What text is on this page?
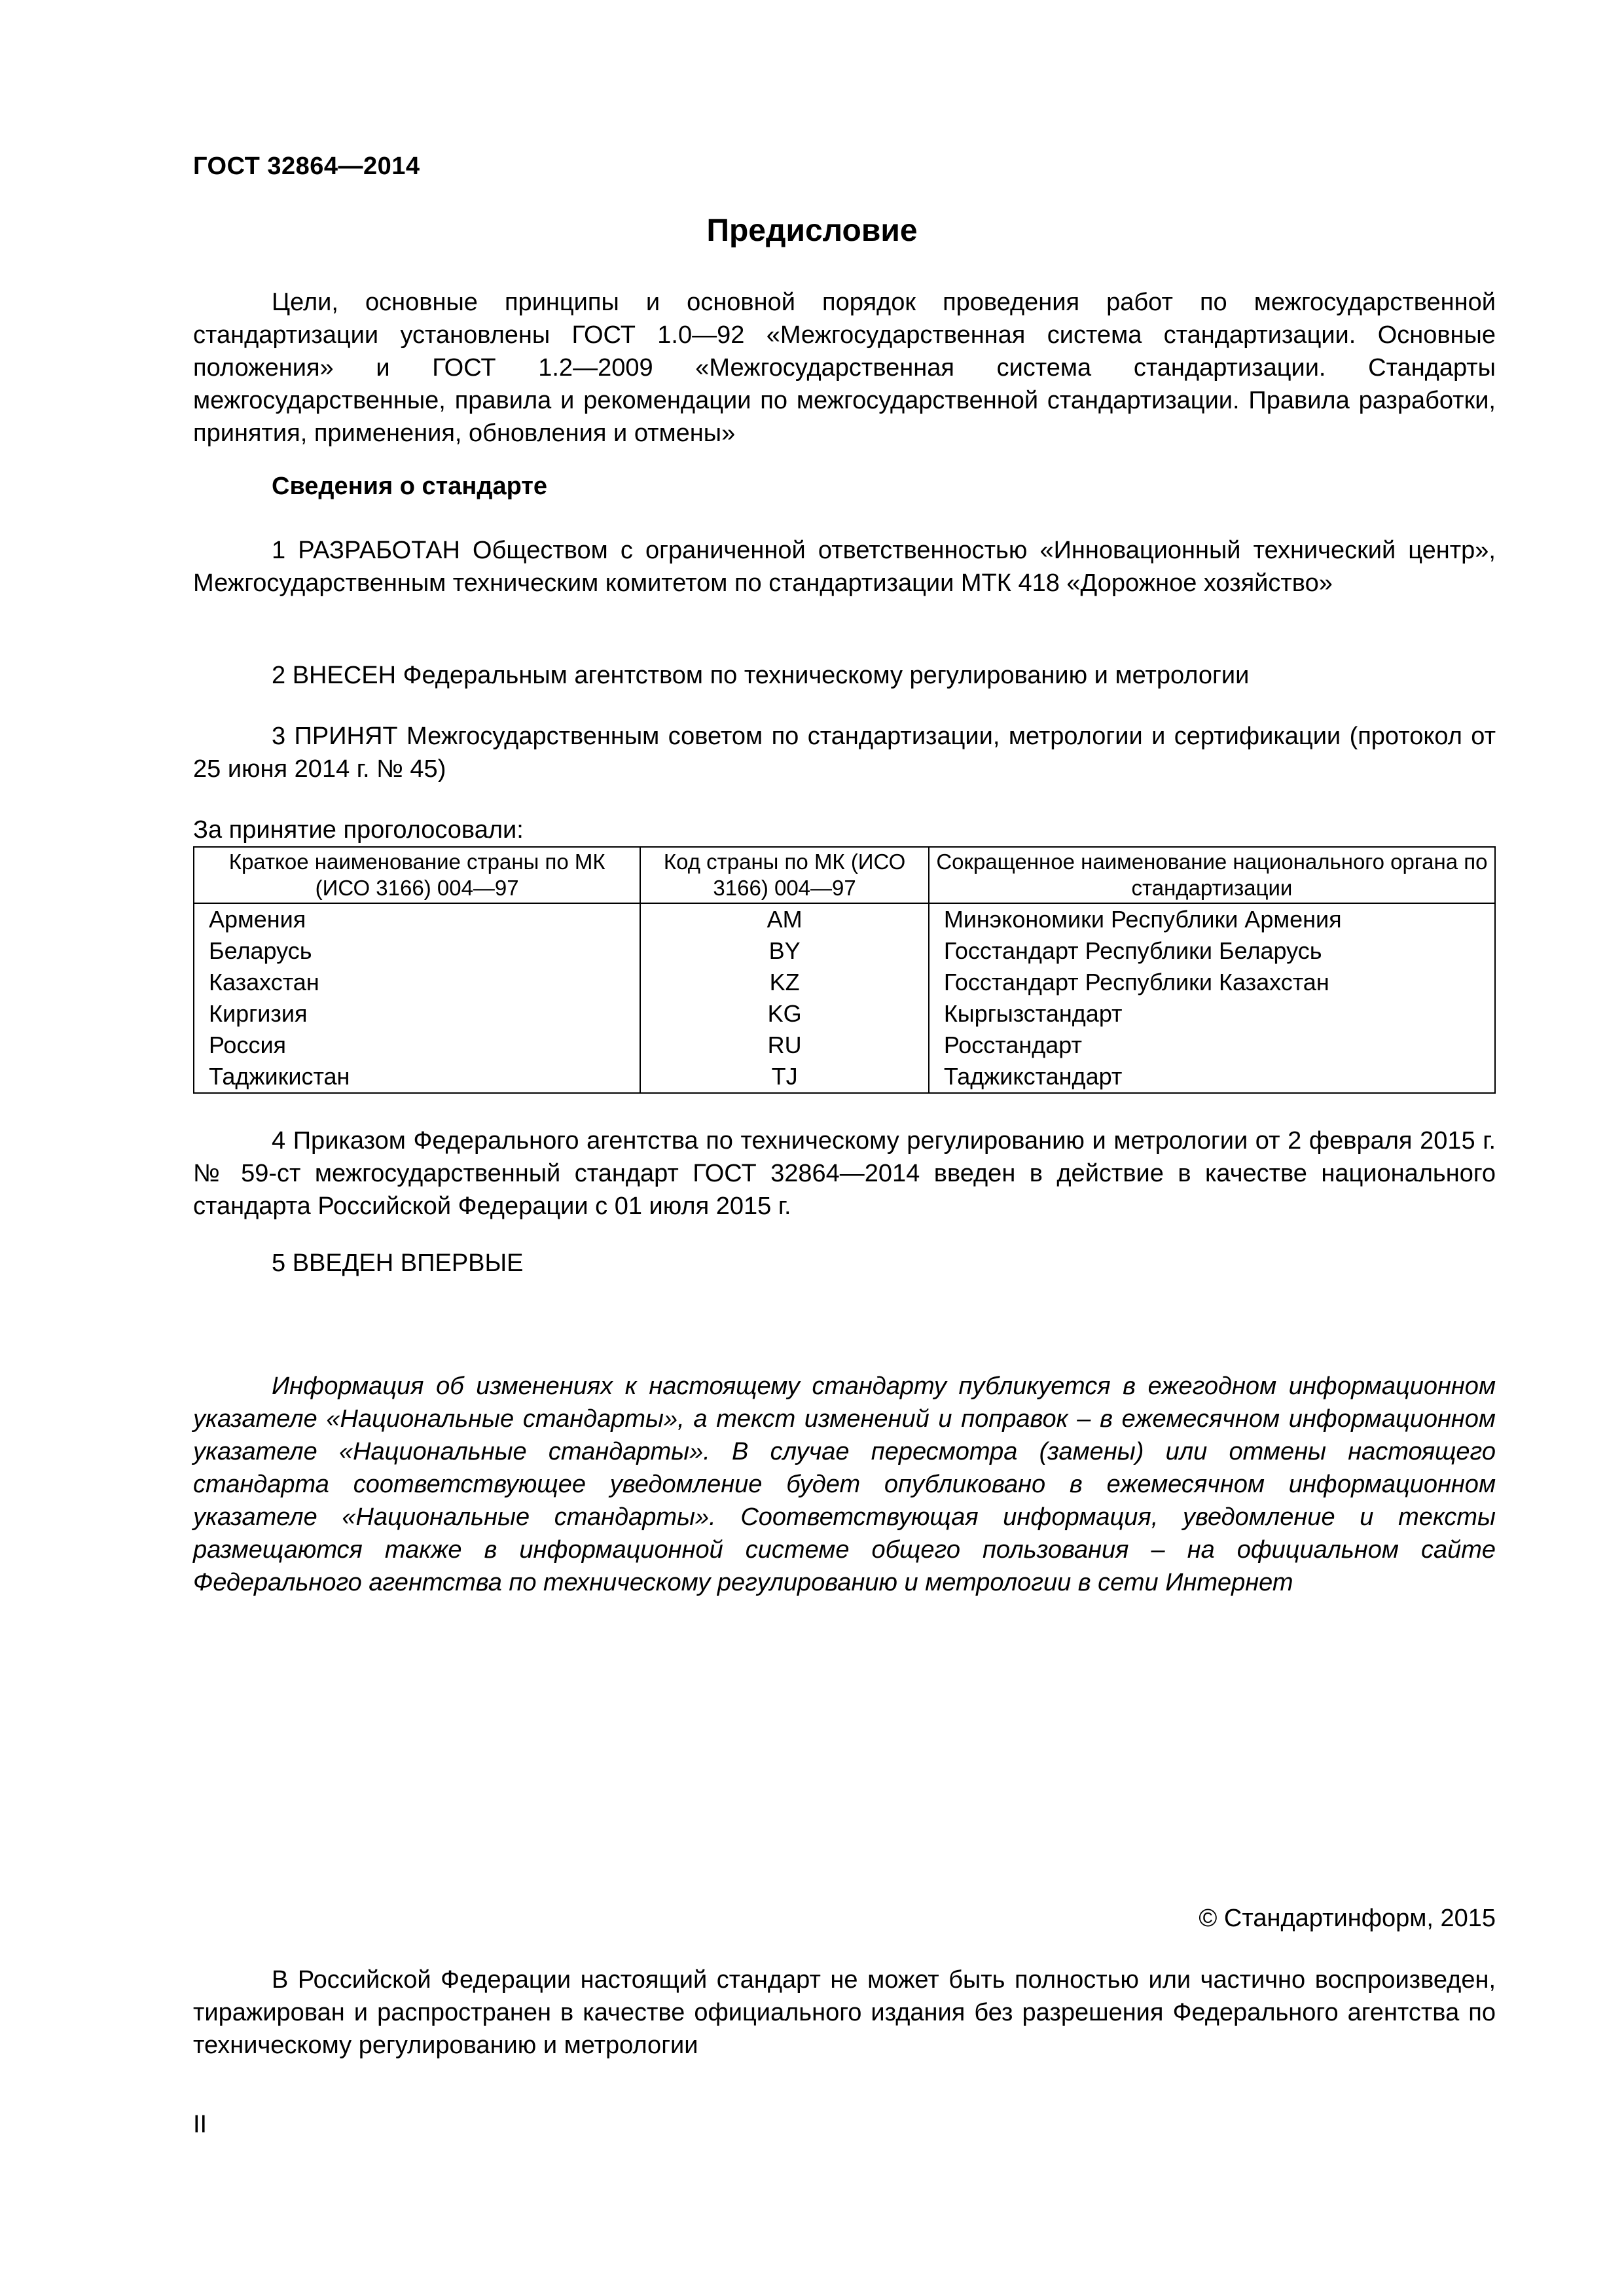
ГОСТ 32864—2014
Предисловие

Цели, основные принципы и основной порядок проведения работ по межгосударственной стандартизации установлены ГОСТ 1.0—92 «Межгосударственная система стандартизации. Основные положения» и ГОСТ 1.2—2009 «Межгосударственная система стандартизации. Стандарты межгосударственные, правила и рекомендации по межгосударственной стандартизации. Правила разработки, принятия, применения, обновления и отмены»

Сведения о стандарте

1 РАЗРАБОТАН Обществом с ограниченной ответственностью «Инновационный технический центр», Межгосударственным техническим комитетом по стандартизации МТК 418 «Дорожное хозяйство»

2 ВНЕСЕН Федеральным агентством по техническому регулированию и метрологии

3 ПРИНЯТ Межгосударственным советом по стандартизации, метрологии и сертификации (протокол от 25 июня 2014 г. № 45)

За принятие проголосовали:

Краткое наименование страны по МК (ИСО 3166) 004—97	Код страны по МК (ИСО 3166) 004—97	Сокращенное наименование национального органа по стандартизации
Армения	AM	Минэкономики Республики Армения
Беларусь	BY	Госстандарт Республики Беларусь
Казахстан	KZ	Госстандарт Республики Казахстан
Киргизия	KG	Кыргызстандарт
Россия	RU	Росстандарт
Таджикистан	TJ	Таджикстандарт

4 Приказом Федерального агентства по техническому регулированию и метрологии от 2 февраля 2015 г. № 59-ст межгосударственный стандарт ГОСТ 32864—2014 введен в действие в качестве национального стандарта Российской Федерации с 01 июля 2015 г.

5 ВВЕДЕН ВПЕРВЫЕ

Информация об изменениях к настоящему стандарту публикуется в ежегодном информационном указателе «Национальные стандарты», а текст изменений и поправок – в ежемесячном информационном указателе «Национальные стандарты». В случае пересмотра (замены) или отмены настоящего стандарта соответствующее уведомление будет опубликовано в ежемесячном информационном указателе «Национальные стандарты». Соответствующая информация, уведомление и тексты размещаются также в информационной системе общего пользования – на официальном сайте Федерального агентства по техническому регулированию и метрологии в сети Интернет

© Стандартинформ, 2015

В Российской Федерации настоящий стандарт не может быть полностью или частично воспроизведен, тиражирован и распространен в качестве официального издания без разрешения Федерального агентства по техническому регулированию и метрологии

II
